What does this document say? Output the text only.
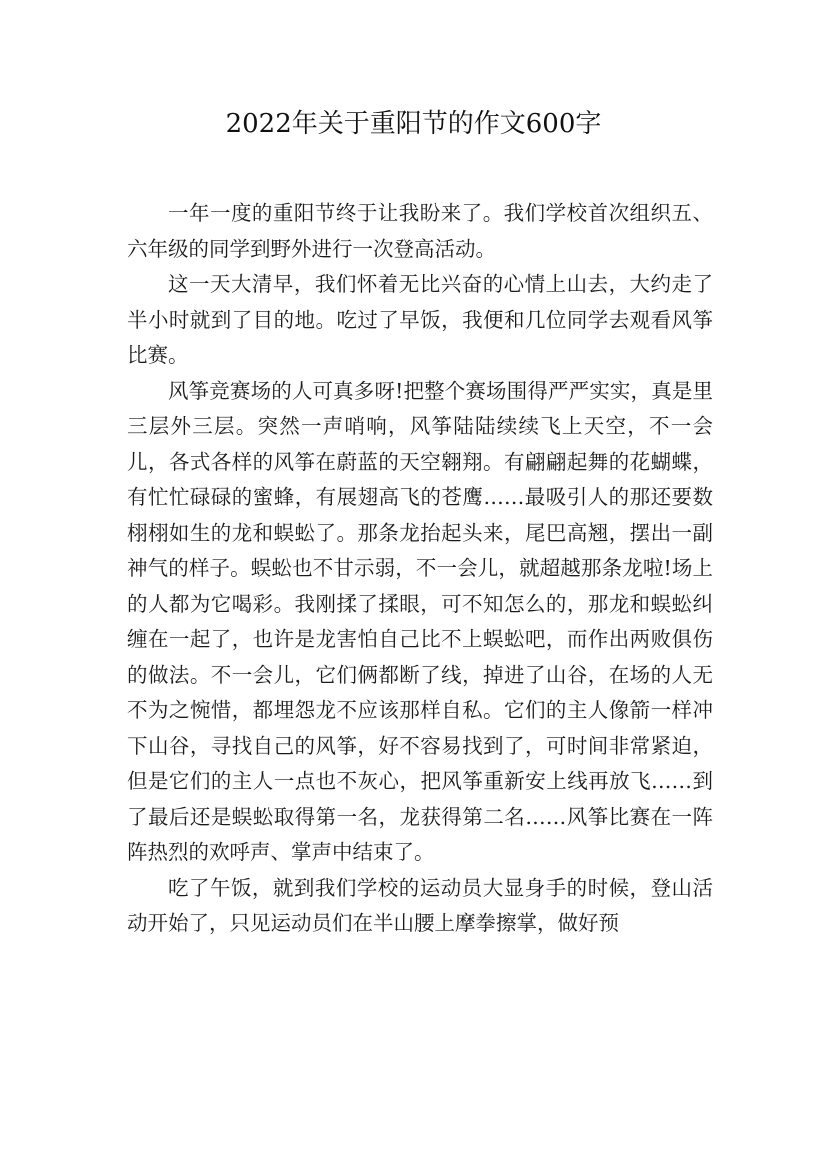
2022年关于重阳节的作文600字

一年一度的重阳节终于让我盼来了。我们学校首次组织五、六年级的同学到野外进行一次登高活动。

这一天大清早，我们怀着无比兴奋的心情上山去，大约走了半小时就到了目的地。吃过了早饭，我便和几位同学去观看风筝比赛。

风筝竞赛场的人可真多呀!把整个赛场围得严严实实，真是里三层外三层。突然一声哨响，风筝陆陆续续飞上天空，不一会儿，各式各样的风筝在蔚蓝的天空翱翔。有翩翩起舞的花蝴蝶，有忙忙碌碌的蜜蜂，有展翅高飞的苍鹰……最吸引人的那还要数栩栩如生的龙和蜈蚣了。那条龙抬起头来，尾巴高翘，摆出一副神气的样子。蜈蚣也不甘示弱，不一会儿，就超越那条龙啦!场上的人都为它喝彩。我刚揉了揉眼，可不知怎么的，那龙和蜈蚣纠缠在一起了，也许是龙害怕自己比不上蜈蚣吧，而作出两败俱伤的做法。不一会儿，它们俩都断了线，掉进了山谷，在场的人无不为之惋惜，都埋怨龙不应该那样自私。它们的主人像箭一样冲下山谷，寻找自己的风筝，好不容易找到了，可时间非常紧迫，但是它们的主人一点也不灰心，把风筝重新安上线再放飞……到了最后还是蜈蚣取得第一名，龙获得第二名……风筝比赛在一阵阵热烈的欢呼声、掌声中结束了。

吃了午饭，就到我们学校的运动员大显身手的时候，登山活动开始了，只见运动员们在半山腰上摩拳擦掌，做好预
